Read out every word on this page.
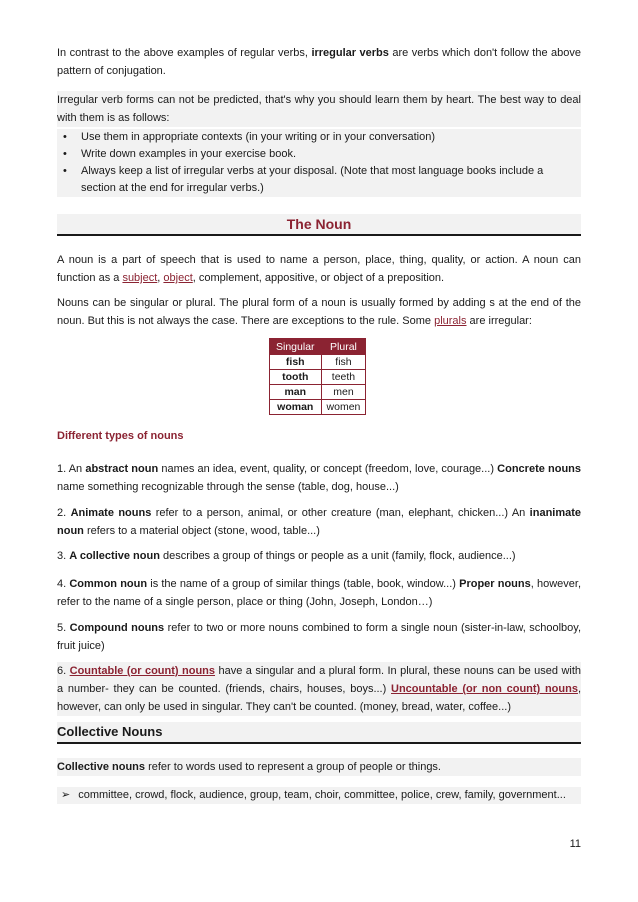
In contrast to the above examples of regular verbs, irregular verbs are verbs which don't follow the above pattern of conjugation.

Irregular verb forms can not be predicted, that's why you should learn them by heart. The best way to deal with them is as follows:

• Use them in appropriate contexts (in your writing or in your conversation)
• Write down examples in your exercise book.
• Always keep a list of irregular verbs at your disposal. (Note that most language books include a section at the end for irregular verbs.)
The Noun

A noun is a part of speech that is used to name a person, place, thing, quality, or action. A noun can function as a subject, object, complement, appositive, or object of a preposition.

Nouns can be singular or plural. The plural form of a noun is usually formed by adding s at the end of the noun. But this is not always the case. There are exceptions to the rule. Some plurals are irregular:

Singular	Plural
fish	fish
tooth	teeth
man	men
woman	women
Different types of nouns

1. An abstract noun names an idea, event, quality, or concept (freedom, love, courage...) Concrete nouns name something recognizable through the sense (table, dog, house...)

2. Animate nouns refer to a person, animal, or other creature (man, elephant, chicken...) An inanimate noun refers to a material object (stone, wood, table...)

3. A collective noun describes a group of things or people as a unit (family, flock, audience...)

4. Common noun is the name of a group of similar things (table, book, window...) Proper nouns, however, refer to the name of a single person, place or thing (John, Joseph, London…)

5. Compound nouns refer to two or more nouns combined to form a single noun (sister-in-law, schoolboy, fruit juice)

6. Countable (or count) nouns have a singular and a plural form. In plural, these nouns can be used with a number- they can be counted. (friends, chairs, houses, boys...) Uncountable (or non count) nouns, however, can only be used in singular. They can't be counted. (money, bread, water, coffee...)

Collective Nouns

Collective nouns refer to words used to represent a group of people or things.

➢ committee, crowd, flock, audience, group, team, choir, committee, police, crew, family, government...
11
